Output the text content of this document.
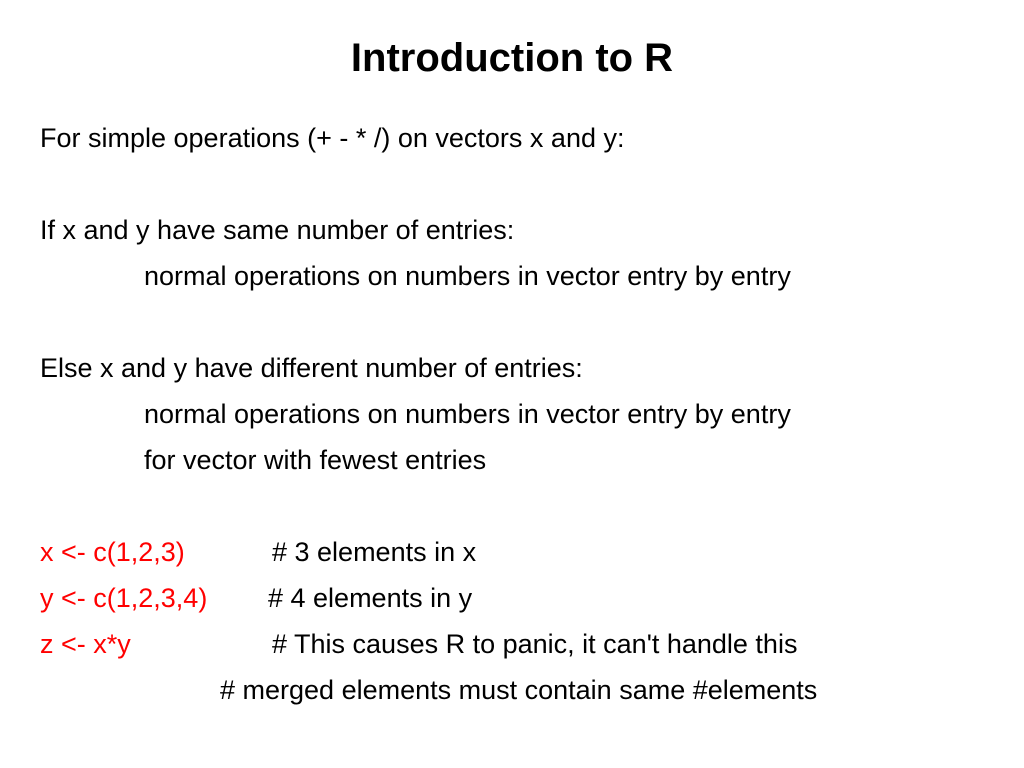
Introduction to R
For simple operations (+ - * /) on vectors x and y:
If x and y have same number of entries:
normal operations on numbers in vector entry by entry
Else x and y have different number of entries:
normal operations on numbers in vector entry by entry
for vector with fewest entries
x <- c(1,2,3)	# 3 elements in x
y <- c(1,2,3,4) # 4 elements in y
z <- x*y	# This causes R to panic, it can't handle this
# merged elements must contain same #elements
